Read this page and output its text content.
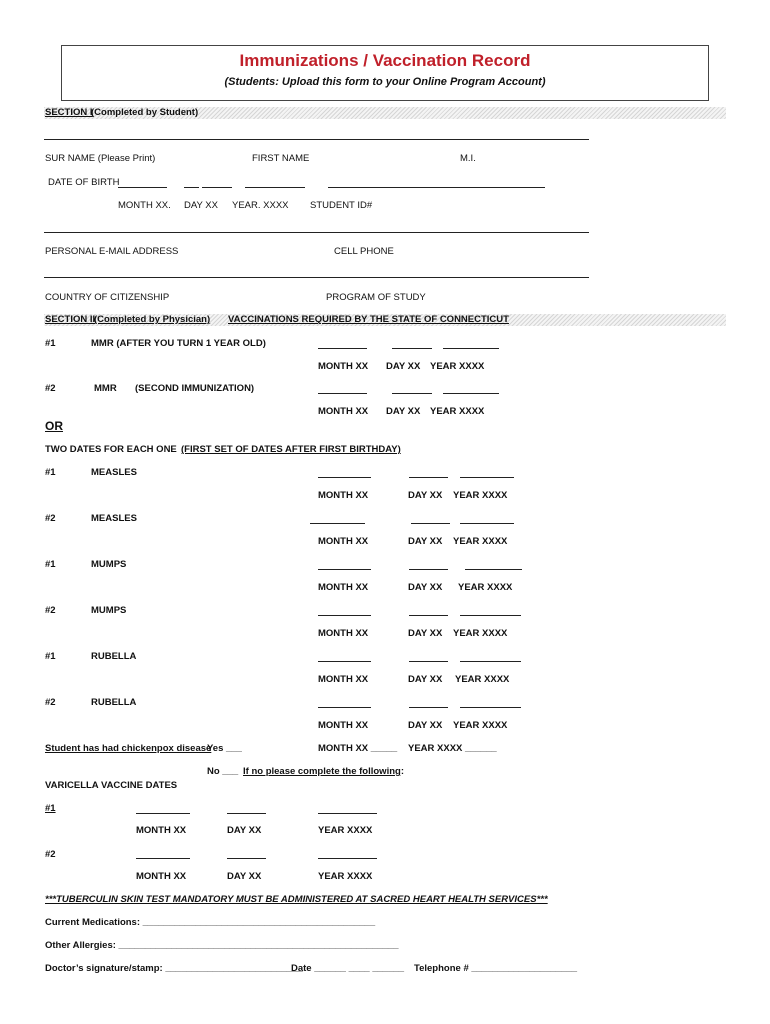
Immunizations / Vaccination Record
(Students: Upload this form to your Online Program Account)
SECTION I
(Completed by Student)
SUR NAME (Please Print)	FIRST NAME	M.I.
DATE OF BIRTH
MONTH XX. DAY XX YEAR. XXXX STUDENT ID#
PERSONAL E-MAIL ADDRESS	CELL PHONE
COUNTRY OF CITIZENSHIP	PROGRAM OF STUDY
SECTION II
(Completed by Physician) VACCINATIONS REQUIRED BY THE STATE OF CONNECTICUT
#1	MMR (AFTER YOU TURN 1 YEAR OLD)
MONTH XX DAY XX YEAR XXXX
#2	MMR (SECOND IMMUNIZATION)
MONTH XX DAY XX YEAR XXXX
OR
TWO DATES FOR EACH ONE (FIRST SET OF DATES AFTER FIRST BIRTHDAY)
#1	MEASLES
MONTH XX	DAY XX YEAR XXXX
#2	MEASLES
MONTH XX	DAY XX YEAR XXXX
#1	MUMPS
MONTH XX	DAY XX YEAR XXXX
#2	MUMPS
MONTH XX	DAY XX YEAR XXXX
#1	RUBELLA
MONTH XX	DAY XX YEAR XXXX
#2	RUBELLA
MONTH XX	DAY XX YEAR XXXX
Student has had chickenpox disease
Yes ___	MONTH XX _____ YEAR XXXX ______
No ___ If no please complete the following:
VARICELLA VACCINE DATES
#1
MONTH XX	DAY XX	YEAR XXXX
#2
MONTH XX	DAY XX	YEAR XXXX
***TUBERCULIN SKIN TEST MANDATORY MUST BE ADMINISTERED AT SACRED HEART HEALTH SERVICES***
Current Medications: ____________________________________________
Other Allergies: _____________________________________________________
Doctor’s signature/stamp: __________________________
Date ______ ____ ______ Telephone # ____________________
